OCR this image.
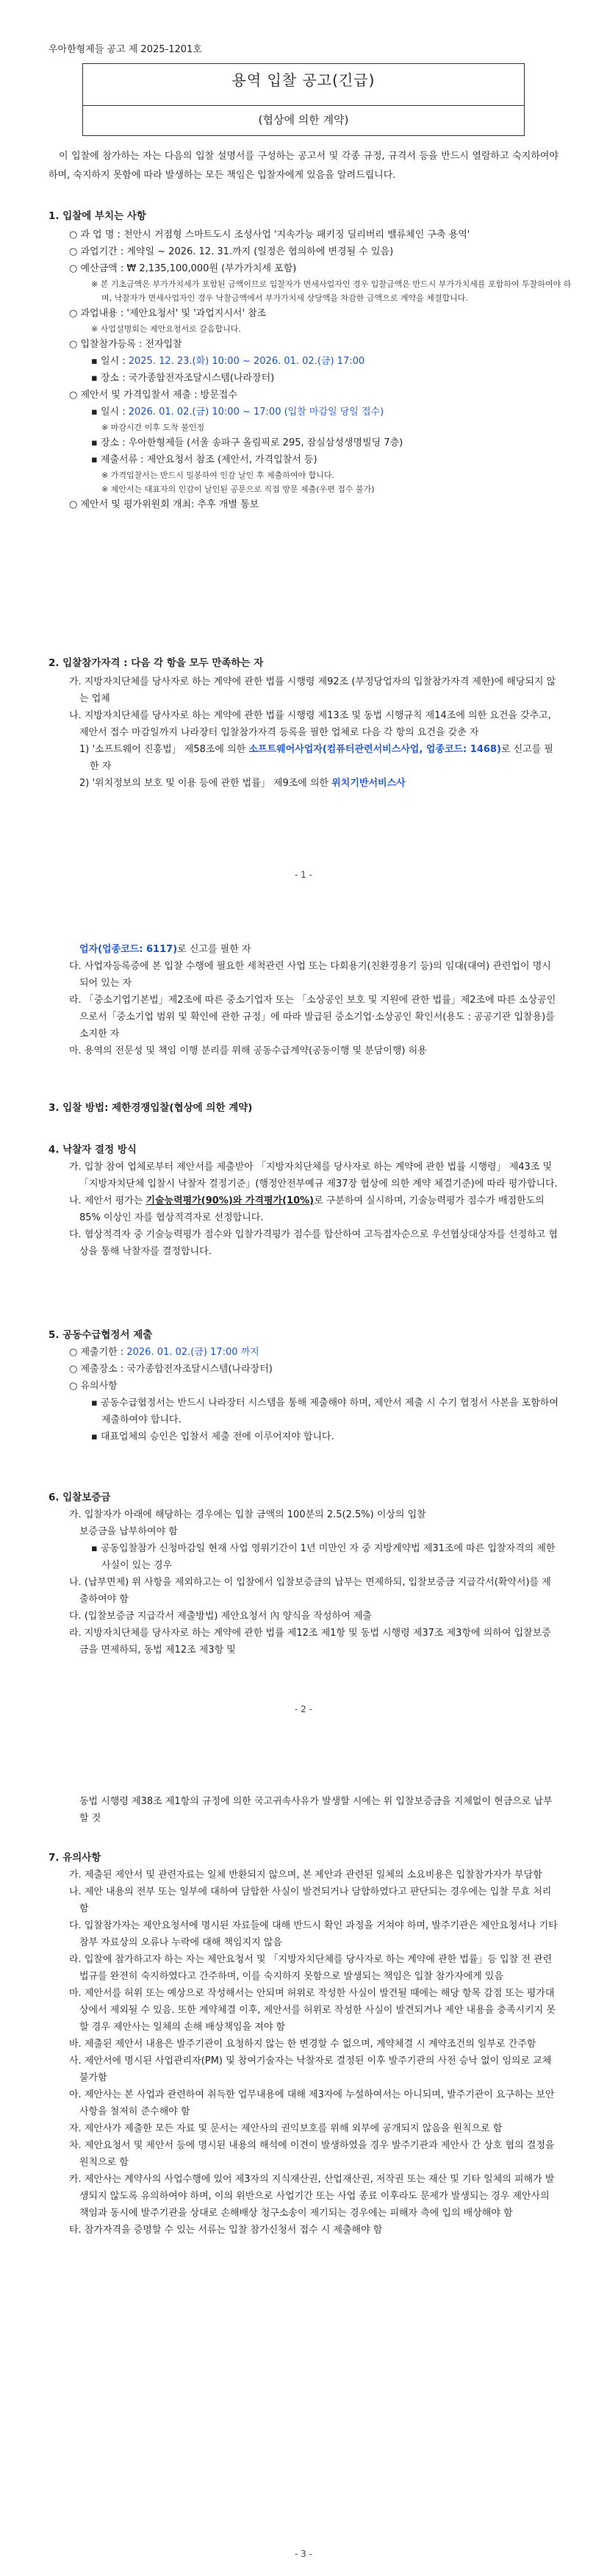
우아한형제들 공고 제 2025-1201호
용역 입찰 공고(긴급)
(협상에 의한 계약)
이 입찰에 참가하는 자는 다음의 입찰 설명서를 구성하는 공고서 및 각종 규정, 규격서 등을 반드시 열람하고 숙지하여야 하며, 숙지하지 못함에 따라 발생하는 모든 책임은 입찰자에게 있음을 알려드립니다.
1. 입찰에 부치는 사항
○ 과 업 명 : 천안시 거점형 스마트도시 조성사업 '지속가능 패키징 딜리버리 밸류체인 구축 용역'
○ 과업기간 : 계약일 ~ 2026. 12. 31.까지 (일정은 협의하에 변경될 수 있음)
○ 예산금액 : ₩ 2,135,100,000원 (부가가치세 포함)
※ 본 기초금액은 부가가치세가 포함된 금액이므로 입찰자가 면세사업자인 경우 입찰금액은 반드시 부가가치세를 포함하여 투찰하여야 하며, 낙찰자가 면세사업자인 경우 낙찰금액에서 부가가치세 상당액을 차감한 금액으로 계약을 체결합니다.
○ 과업내용 : '제안요청서' 및 '과업지시서' 참조
※ 사업설명회는 제안요청서로 갈음합니다.
○ 입찰참가등록 : 전자입찰
▪ 일시 : 2025. 12. 23.(화) 10:00 ~ 2026. 01. 02.(금) 17:00
▪ 장소 : 국가종합전자조달시스템(나라장터)
○ 제안서 및 가격입찰서 제출 : 방문접수
▪ 일시 : 2026. 01. 02.(금) 10:00 ~ 17:00 (입찰 마감일 당일 접수)
※ 마감시간 이후 도착 불인정
▪ 장소 : 우아한형제들 (서울 송파구 올림픽로 295, 잠실삼성생명빌딩 7층)
▪ 제출서류 : 제안요청서 참조 (제안서, 가격입찰서 등)
※ 가격입찰서는 반드시 밀봉하여 인감 날인 후 제출하여야 합니다.
※ 제안서는 대표자의 인감이 날인된 공문으로 직접 방문 제출(우편 접수 불가)
○ 제안서 및 평가위원회 개최: 추후 개별 통보
2. 입찰참가자격 : 다음 각 항을 모두 만족하는 자
가. 지방자치단체를 당사자로 하는 계약에 관한 법률 시행령 제92조 (부정당업자의 입찰참가자격 제한)에 해당되지 않는 업체
나. 지방자치단체를 당사자로 하는 계약에 관한 법률 시행령 제13조 및 동법 시행규칙 제14조에 의한 요건을 갖추고, 제안서 접수 마감일까지 나라장터 입찰참가자격 등록을 필한 업체로 다음 각 항의 요건을 갖춘 자
1) '소프트웨어 진흥법」 제58조에 의한 소프트웨어사업자(컴퓨터관련서비스사업, 업종코드: 1468)로 신고를 필한 자
2) '위치정보의 보호 및 이용 등에 관한 법률」 제9조에 의한 위치기반서비스사
- 1 -
업자(업종코드: 6117)로 신고를 필한 자
다. 사업자등록증에 본 입찰 수행에 필요한 세척관련 사업 또는 다회용기(친환경용기 등)의 임대(대여) 관련업이 명시되어 있는 자
라. 「중소기업기본법」제2조에 따른 중소기업자 또는 「소상공인 보호 및 지원에 관한 법률」제2조에 따른 소상공인으로서「중소기업 범위 및 확인에 관한 규정」에 따라 발급된 중소기업·소상공인 확인서(용도 : 공공기관 입찰용)를 소지한 자
마. 용역의 전문성 및 책임 이행 분리를 위해 공동수급계약(공동이행 및 분담이행) 허용
3. 입찰 방법: 제한경쟁입찰(협상에 의한 계약)
4. 낙찰자 결정 방식
가. 입찰 참여 업체로부터 제안서를 제출받아 「지방자치단체를 당사자로 하는 계약에 관한 법률 시행령」 제43조 및 「지방자치단체 입찰시 낙찰자 결정기준」(행정안전부예규 제37장 협상에 의한 계약 체결기준)에 따라 평가합니다.
나. 제안서 평가는 기술능력평가(90%)와 가격평가(10%)로 구분하여 실시하며, 기술능력평가 점수가 배점한도의 85% 이상인 자를 협상적격자로 선정합니다.
다. 협상적격자 중 기술능력평가 점수와 입찰가격평가 점수를 합산하여 고득점자순으로 우선협상대상자를 선정하고 협상을 통해 낙찰자를 결정합니다.
5. 공동수급협정서 제출
○ 제출기한 : 2026. 01. 02.(금) 17:00 까지
○ 제출장소 : 국가종합전자조달시스템(나라장터)
○ 유의사항
▪ 공동수급협정서는 반드시 나라장터 시스템을 통해 제출해야 하며, 제안서 제출 시 수기 협정서 사본을 포함하여 제출하여야 합니다.
▪ 대표업체의 승인은 입찰서 제출 전에 이루어져야 합니다.
6. 입찰보증금
가. 입찰자가 아래에 해당하는 경우에는 입찰 금액의 100분의 2.5(2.5%) 이상의 입찰
보증금을 납부하여야 함
▪ 공동입찰참가 신청마감일 현재 사업 영위기간이 1년 미만인 자 중 지방계약법 제31조에 따른 입찰자격의 제한 사실이 있는 경우
나. (납부면제) 위 사항을 제외하고는 이 입찰에서 입찰보증금의 납부는 면제하되, 입찰보증금 지급각서(확약서)를 제출하여야 함
다. (입찰보증금 지급각서 제출방법) 제안요청서 內 양식을 작성하여 제출
라. 지방자치단체를 당사자로 하는 계약에 관한 법률 제12조 제1항 및 동법 시행령 제37조 제3항에 의하여 입찰보증금을 면제하되, 동법 제12조 제3항 및
- 2 -
동법 시행령 제38조 제1항의 규정에 의한 국고귀속사유가 발생할 시에는 위 입찰보증금을 지체없이 현금으로 납부할 것
7. 유의사항
가. 제출된 제안서 및 관련자료는 일체 반환되지 않으며, 본 제안과 관련된 일체의 소요비용은 입찰참가자가 부담함
나. 제안 내용의 전부 또는 일부에 대하여 담합한 사실이 발견되거나 담합하였다고 판단되는 경우에는 입찰 무효 처리함
다. 입찰참가자는 제안요청서에 명시된 자료들에 대해 반드시 확인 과정을 거쳐야 하며, 발주기관은 제안요청서나 기타 참부 자료상의 오류나 누락에 대해 책임지지 않음
라. 입찰에 참가하고자 하는 자는 제안요청서 및 「지방자치단체를 당사자로 하는 계약에 관한 법률」등 입찰 전 관련 법규를 완전히 숙지하였다고 간주하며, 이를 숙지하지 못함으로 발생되는 책임은 입찰 참가자에게 있음
마. 제안서를 허위 또는 예상으로 작성해서는 안되며 허위로 작성한 사실이 발견될 때에는 해당 항목 감점 또는 평가대상에서 제외될 수 있음. 또한 계약체결 이후, 제안서를 허위로 작성한 사실이 발견되거나 제안 내용을 충족시키지 못할 경우 제안사는 일체의 손해 배상책임을 져야 함
바. 제출된 제안서 내용은 발주기관이 요청하지 않는 한 변경할 수 없으며, 계약체결 시 계약조건의 일부로 간주함
사. 제안서에 명시된 사업관리자(PM) 및 참여기술자는 낙찰자로 결정된 이후 발주기관의 사전 승낙 없이 임의로 교체 불가함
아. 제안사는 본 사업과 관련하여 취득한 업무내용에 대해 제3자에 누설하여서는 아니되며, 발주기관이 요구하는 보안사항을 철저히 준수해야 함
자. 제안사가 제출한 모든 자료 및 문서는 제안사의 권익보호를 위해 외부에 공개되지 않음을 원칙으로 함
차. 제안요청서 및 제안서 등에 명시된 내용의 해석에 이견이 발생하였을 경우 발주기관과 제안사 간 상호 협의 결정을 원칙으로 함
카. 제안사는 계약사의 사업수행에 있어 제3자의 지식재산권, 산업재산권, 저작권 또는 재산 및 기타 일체의 피해가 발생되지 않도록 유의하여야 하며, 이의 위반으로 사업기간 또는 사업 종료 이후라도 문제가 발생되는 경우 제안사의 책임과 동시에 발주기관을 상대로 손해배상 청구소송이 제기되는 경우에는 피해자 측에 입의 배상해야 함
타. 참가자격을 증명할 수 있는 서류는 입찰 참가신청서 접수 시 제출해야 함
- 3 -
